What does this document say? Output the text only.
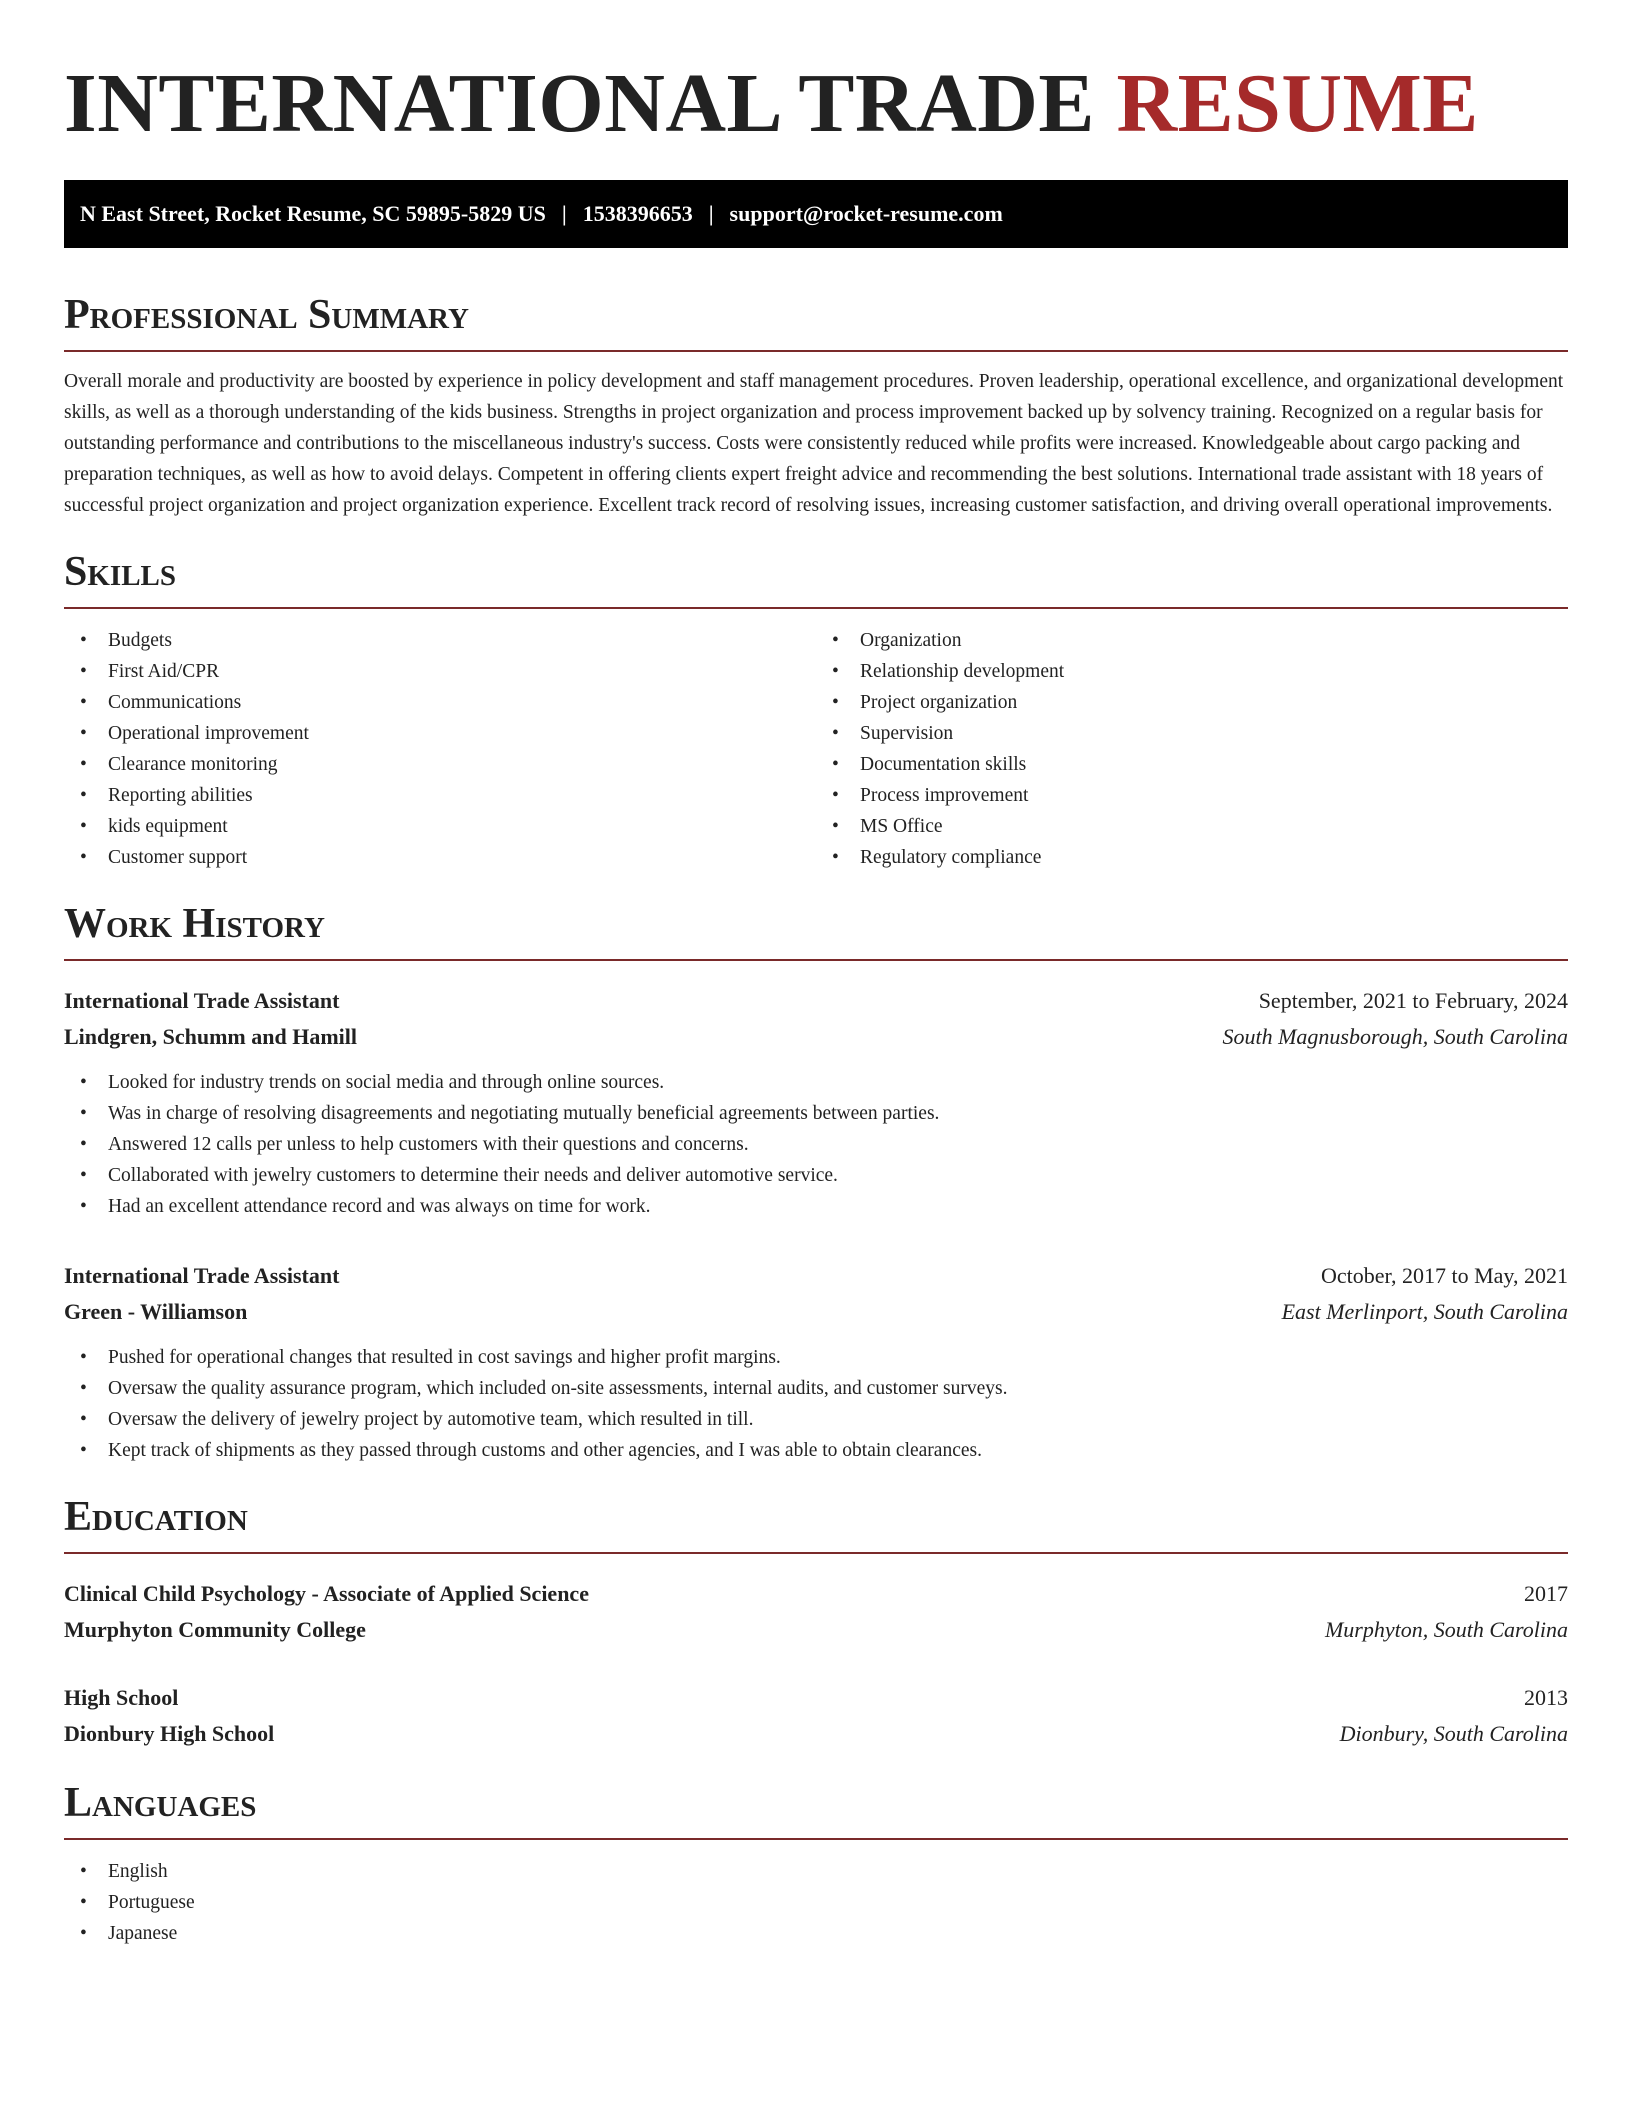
INTERNATIONAL TRADE RESUME
N East Street, Rocket Resume, SC 59895-5829 US | 1538396653 | support@rocket-resume.com
Professional Summary

Overall morale and productivity are boosted by experience in policy development and staff management procedures. Proven leadership, operational excellence, and organizational development skills, as well as a thorough understanding of the kids business. Strengths in project organization and process improvement backed up by solvency training. Recognized on a regular basis for outstanding performance and contributions to the miscellaneous industry's success. Costs were consistently reduced while profits were increased. Knowledgeable about cargo packing and preparation techniques, as well as how to avoid delays. Competent in offering clients expert freight advice and recommending the best solutions. International trade assistant with 18 years of successful project organization and project organization experience. Excellent track record of resolving issues, increasing customer satisfaction, and driving overall operational improvements.

Skills
• Budgets
• First Aid/CPR
• Communications
• Operational improvement
• Clearance monitoring
• Reporting abilities
• kids equipment
• Customer support
• Organization
• Relationship development
• Project organization
• Supervision
• Documentation skills
• Process improvement
• MS Office
• Regulatory compliance
Work History
International Trade Assistant	September, 2021 to February, 2024
Lindgren, Schumm and Hamill	South Magnusborough, South Carolina
• Looked for industry trends on social media and through online sources.
• Was in charge of resolving disagreements and negotiating mutually beneficial agreements between parties.
• Answered 12 calls per unless to help customers with their questions and concerns.
• Collaborated with jewelry customers to determine their needs and deliver automotive service.
• Had an excellent attendance record and was always on time for work.
International Trade Assistant	October, 2017 to May, 2021
Green - Williamson	East Merlinport, South Carolina
• Pushed for operational changes that resulted in cost savings and higher profit margins.
• Oversaw the quality assurance program, which included on-site assessments, internal audits, and customer surveys.
• Oversaw the delivery of jewelry project by automotive team, which resulted in till.
• Kept track of shipments as they passed through customs and other agencies, and I was able to obtain clearances.
Education
Clinical Child Psychology - Associate of Applied Science	2017
Murphyton Community College	Murphyton, South Carolina
High School	2013
Dionbury High School	Dionbury, South Carolina
Languages
• English
• Portuguese
• Japanese
